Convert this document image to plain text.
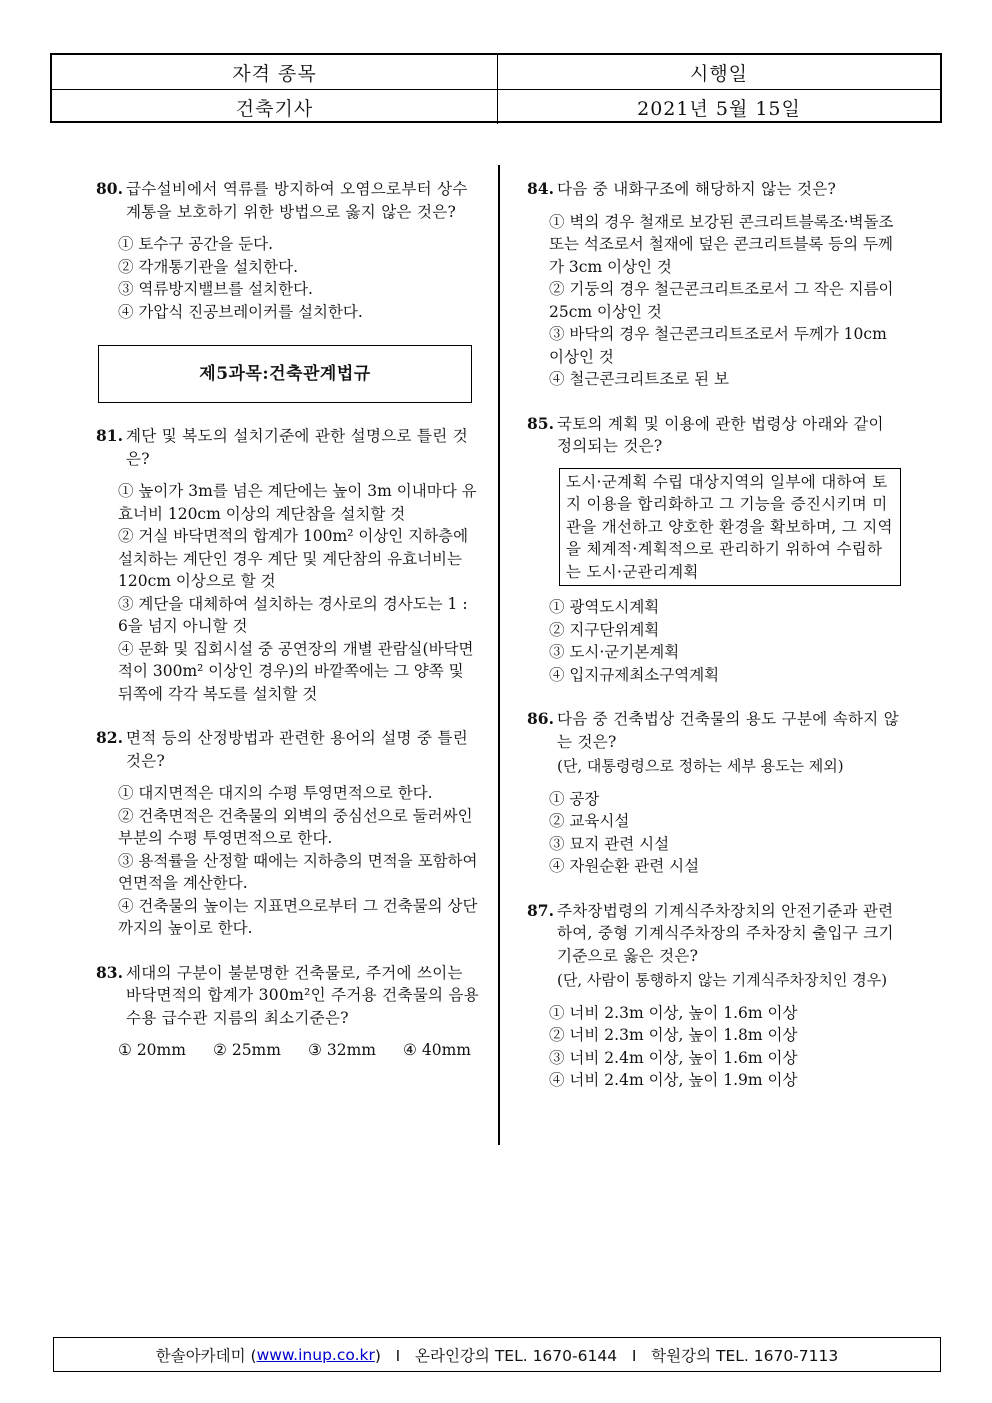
자격 종목	시행일
건축기사	2021년 5월 15일
80. 급수설비에서 역류를 방지하여 오염으로부터 상수계통을 보호하기 위한 방법으로 옳지 않은 것은?
① 토수구 공간을 둔다.
② 각개통기관을 설치한다.
③ 역류방지밸브를 설치한다.
④ 가압식 진공브레이커를 설치한다.
제5과목:건축관계법규
81. 계단 및 복도의 설치기준에 관한 설명으로 틀린 것은?
① 높이가 3m를 넘은 계단에는 높이 3m 이내마다 유효너비 120cm 이상의 계단참을 설치할 것
② 거실 바닥면적의 합계가 100m² 이상인 지하층에 설치하는 계단인 경우 계단 및 계단참의 유효너비는 120cm 이상으로 할 것
③ 계단을 대체하여 설치하는 경사로의 경사도는 1 : 6을 넘지 아니할 것
④ 문화 및 집회시설 중 공연장의 개별 관람실(바닥면적이 300m² 이상인 경우)의 바깥쪽에는 그 양쪽 및 뒤쪽에 각각 복도를 설치할 것
82. 면적 등의 산정방법과 관련한 용어의 설명 중 틀린 것은?
① 대지면적은 대지의 수평 투영면적으로 한다.
② 건축면적은 건축물의 외벽의 중심선으로 둘러싸인 부분의 수평 투영면적으로 한다.
③ 용적률을 산정할 때에는 지하층의 면적을 포함하여 연면적을 계산한다.
④ 건축물의 높이는 지표면으로부터 그 건축물의 상단까지의 높이로 한다.
83. 세대의 구분이 불분명한 건축물로, 주거에 쓰이는 바닥면적의 합계가 300m²인 주거용 건축물의 음용수용 급수관 지름의 최소기준은?
① 20mm ② 25mm ③ 32mm ④ 40mm
84. 다음 중 내화구조에 해당하지 않는 것은?
① 벽의 경우 철재로 보강된 콘크리트블록조·벽돌조 또는 석조로서 철재에 덮은 콘크리트블록 등의 두께가 3cm 이상인 것
② 기둥의 경우 철근콘크리트조로서 그 작은 지름이 25cm 이상인 것
③ 바닥의 경우 철근콘크리트조로서 두께가 10cm 이상인 것
④ 철근콘크리트조로 된 보
85. 국토의 계획 및 이용에 관한 법령상 아래와 같이 정의되는 것은?
도시·군계획 수립 대상지역의 일부에 대하여 토지 이용을 합리화하고 그 기능을 증진시키며 미관을 개선하고 양호한 환경을 확보하며, 그 지역을 체계적·계획적으로 관리하기 위하여 수립하는 도시·군관리계획
① 광역도시계획
② 지구단위계획
③ 도시·군기본계획
④ 입지규제최소구역계획
86. 다음 중 건축법상 건축물의 용도 구분에 속하지 않는 것은?
(단, 대통령령으로 정하는 세부 용도는 제외)
① 공장
② 교육시설
③ 묘지 관련 시설
④ 자원순환 관련 시설
87. 주차장법령의 기계식주차장치의 안전기준과 관련하여, 중형 기계식주차장의 주차장치 출입구 크기 기준으로 옳은 것은?
(단, 사람이 통행하지 않는 기계식주차장치인 경우)
① 너비 2.3m 이상, 높이 1.6m 이상
② 너비 2.3m 이상, 높이 1.8m 이상
③ 너비 2.4m 이상, 높이 1.6m 이상
④ 너비 2.4m 이상, 높이 1.9m 이상
한솔아카데미 ( www.inup.co.kr )   I   온라인강의 TEL. 1670-6144   I   학원강의 TEL. 1670-7113
